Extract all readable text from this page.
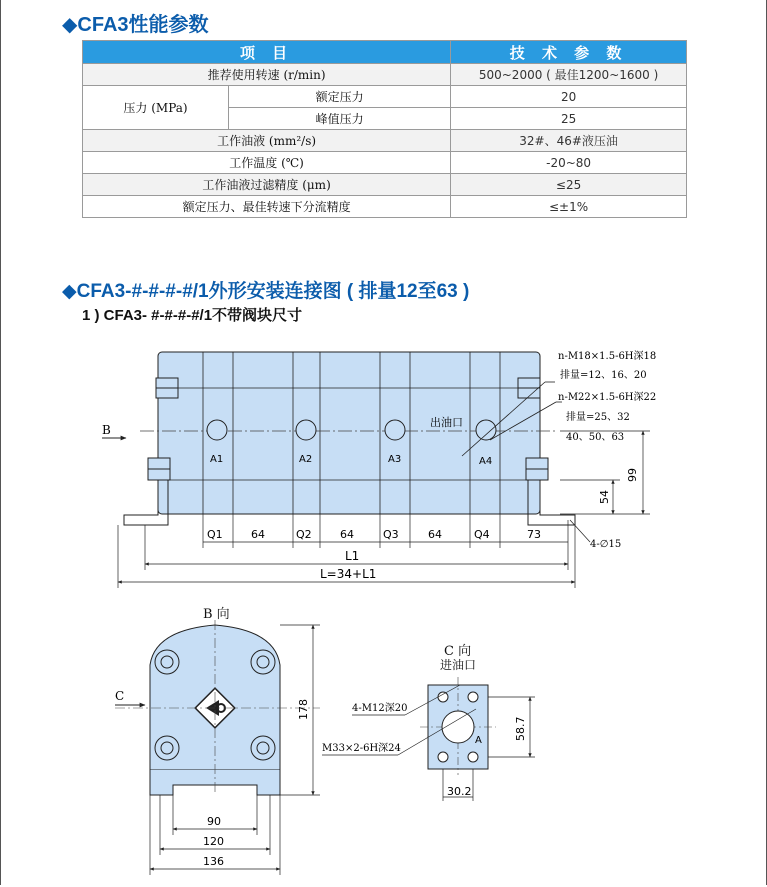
◆CFA3性能参数
项 目		技 术 参 数
推荐使用转速 (r/min)		500~2000 ( 最佳1200~1600 )
压力 (MPa)	额定压力	20
	峰值压力	25
工作油液 (mm²/s)		32#、46#液压油
工作温度 (℃)		-20~80
工作油液过滤精度 (μm)		≤25
额定压力、最佳转速下分流精度		≤±1%
◆CFA3-#-#-#-#/1外形安装连接图 ( 排量12至63 )
1 ) CFA3- #-#-#-#/1不带阀块尺寸
A1	A2	A3	A4
出油口
B
n-M18×1.5-6H深18
排量=12、16、20
n-M22×1.5-6H深22
排量=25、32
40、50、63
99
54
Q1	64	Q2	64	Q3	64	Q4	73
L1
L=34+L1
4-∅15
B 向
C
178
90
120
136
C 向
进油口
A
4-M12深20
M33×2-6H深24
58.7
30.2
